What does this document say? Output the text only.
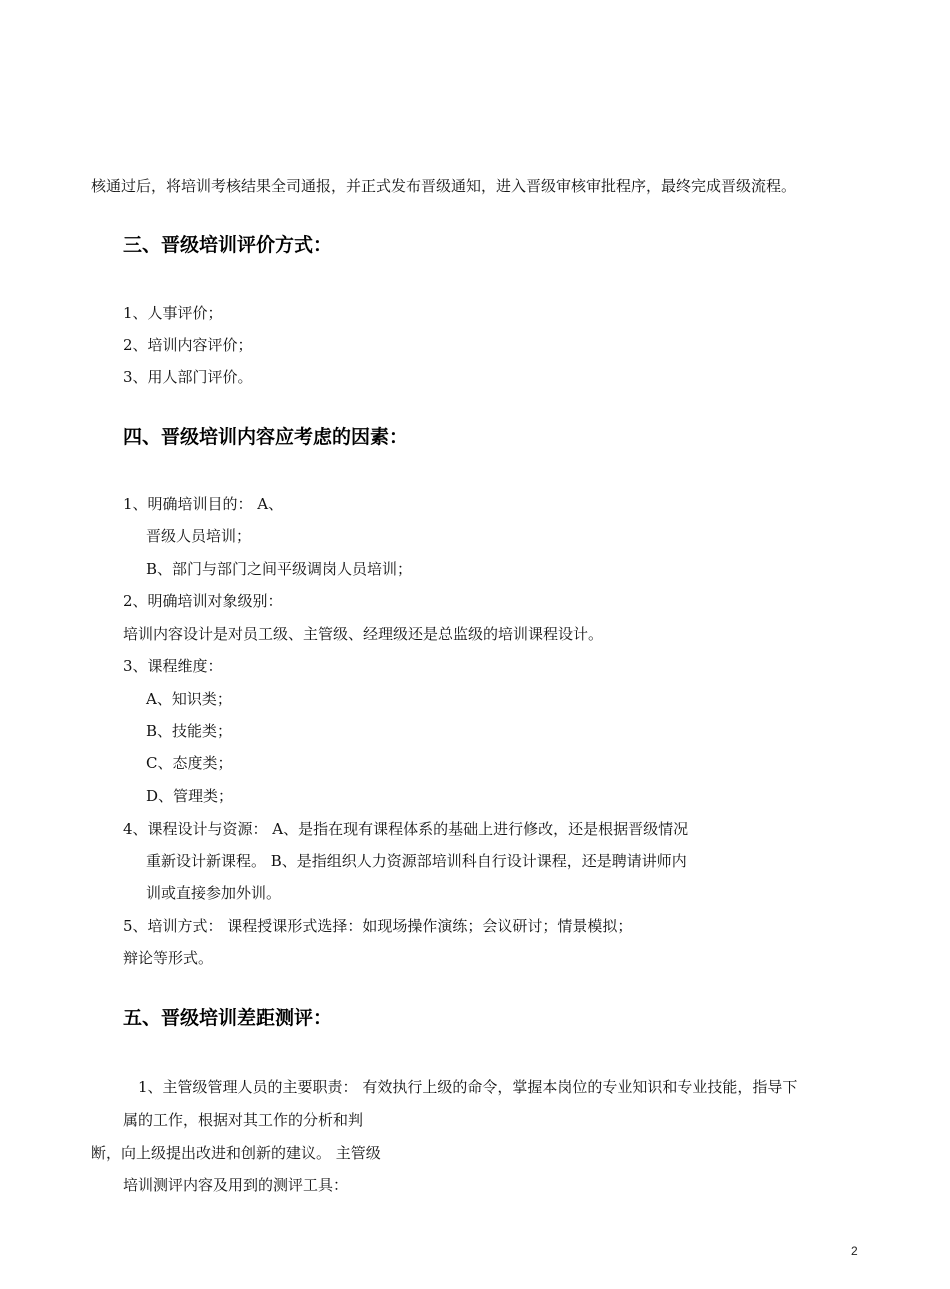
核通过后，将培训考核结果全司通报，并正式发布晋级通知，进入晋级审核审批程序，最终完成晋级流程。
三、晋级培训评价方式：
1、人事评价；
2、培训内容评价；
3、用人部门评价。
四、晋级培训内容应考虑的因素：
1、明确培训目的： A、
晋级人员培训；
B、部门与部门之间平级调岗人员培训；
2、明确培训对象级别：
培训内容设计是对员工级、主管级、经理级还是总监级的培训课程设计。
3、课程维度：
A、知识类；
B、技能类；
C、态度类；
D、管理类；
4、课程设计与资源： A、是指在现有课程体系的基础上进行修改，还是根据晋级情况
重新设计新课程。 B、是指组织人力资源部培训科自行设计课程，还是聘请讲师内
训或直接参加外训。
5、培训方式： 课程授课形式选择：如现场操作演练；会议研讨；情景模拟；
辩论等形式。
五、晋级培训差距测评：
1、主管级管理人员的主要职责： 有效执行上级的命令，掌握本岗位的专业知识和专业技能，指导下
属的工作，根据对其工作的分析和判
断，向上级提出改进和创新的建议。 主管级
培训测评内容及用到的测评工具：
2
